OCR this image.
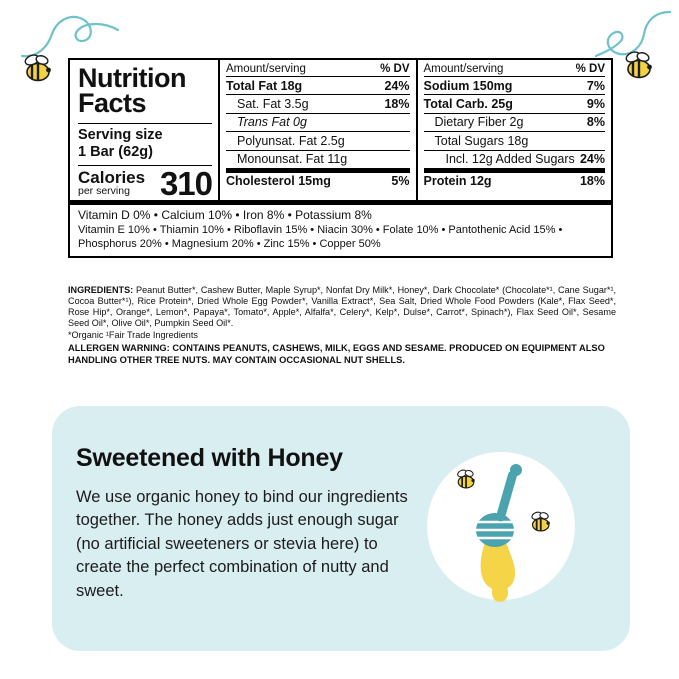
Nutrition Facts
Serving size
1 Bar (62g)
Calories
per serving 310
Amount/serving	% DV
Total Fat 18g	24%
Sat. Fat 3.5g	18%
Trans Fat 0g
Polyunsat. Fat 2.5g
Monounsat. Fat 11g
Cholesterol 15mg	5%
Amount/serving	% DV
Sodium 150mg	7%
Total Carb. 25g	9%
Dietary Fiber 2g	8%
Total Sugars 18g
Incl. 12g Added Sugars 24%
Protein 12g	18%
Vitamin D 0% • Calcium 10% • Iron 8% • Potassium 8%
Vitamin E 10% • Thiamin 10% • Riboflavin 15% • Niacin 30% • Folate 10% • Pantothenic Acid 15% • Phosphorus 20% • Magnesium 20% • Zinc 15% • Copper 50%

INGREDIENTS: Peanut Butter*, Cashew Butter, Maple Syrup*, Nonfat Dry Milk*, Honey*, Dark Chocolate* (Chocolate*¹, Cane Sugar*¹, Cocoa Butter*¹), Rice Protein*, Dried Whole Egg Powder*, Vanilla Extract*, Sea Salt, Dried Whole Food Powders (Kale*, Flax Seed*, Rose Hip*, Orange*, Lemon*, Papaya*, Tomato*, Apple*, Alfalfa*, Celery*, Kelp*, Dulse*, Carrot*, Spinach*), Flax Seed Oil*, Sesame Seed Oil*, Olive Oil*, Pumpkin Seed Oil*.

*Organic ¹Fair Trade Ingredients
ALLERGEN WARNING: CONTAINS PEANUTS, CASHEWS, MILK, EGGS AND SESAME. PRODUCED ON EQUIPMENT ALSO HANDLING OTHER TREE NUTS. MAY CONTAIN OCCASIONAL NUT SHELLS.
Sweetened with Honey
We use organic honey to bind our ingredients together. The honey adds just enough sugar (no artificial sweeteners or stevia here) to create the perfect combination of nutty and sweet.
